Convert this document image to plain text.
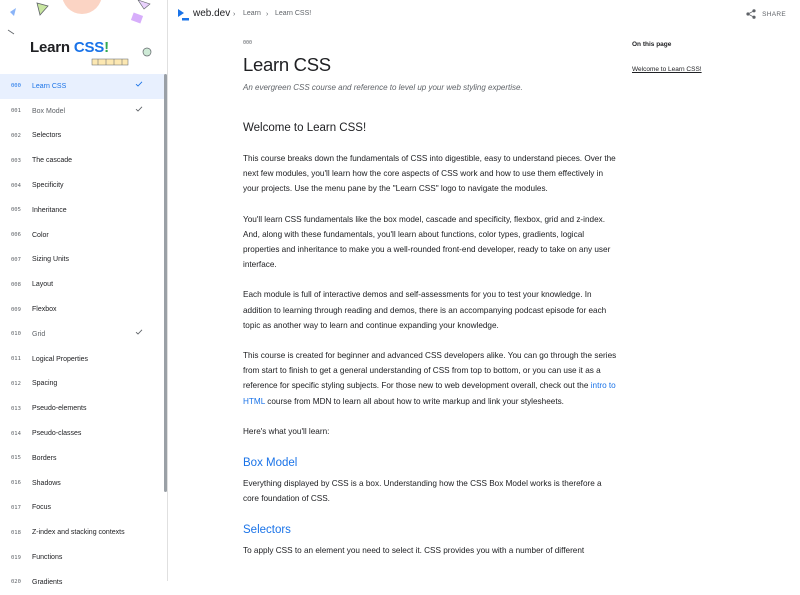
Learn CSS!
000	Learn CSS
001	Box Model
002	Selectors
003	The cascade
004	Specificity
005	Inheritance
006	Color
007	Sizing Units
008	Layout
009	Flexbox
010	Grid
011	Logical Properties
012	Spacing
013	Pseudo-elements
014	Pseudo-classes
015	Borders
016	Shadows
017	Focus
018	Z-index and stacking contexts
019	Functions
020	Gradients
web.dev › Learn › Learn CSS!	SHARE
000
Learn CSS

An evergreen CSS course and reference to level up your web styling expertise.

Welcome to Learn CSS!

This course breaks down the fundamentals of CSS into digestible, easy to understand pieces. Over the next few modules, you'll learn how the core aspects of CSS work and how to use them effectively in your projects. Use the menu pane by the "Learn CSS" logo to navigate the modules.

You'll learn CSS fundamentals like the box model, cascade and specificity, flexbox, grid and z-index. And, along with these fundamentals, you'll learn about functions, color types, gradients, logical properties and inheritance to make you a well-rounded front-end developer, ready to take on any user interface.

Each module is full of interactive demos and self-assessments for you to test your knowledge. In addition to learning through reading and demos, there is an accompanying podcast episode for each topic as another way to learn and continue expanding your knowledge.

This course is created for beginner and advanced CSS developers alike. You can go through the series from start to finish to get a general understanding of CSS from top to bottom, or you can use it as a reference for specific styling subjects. For those new to web development overall, check out the intro to HTML course from MDN to learn all about how to write markup and link your stylesheets.

Here's what you'll learn:

Box Model

Everything displayed by CSS is a box. Understanding how the CSS Box Model works is therefore a core foundation of CSS.

Selectors

To apply CSS to an element you need to select it. CSS provides you with a number of different

On this page
Welcome to Learn CSS!
